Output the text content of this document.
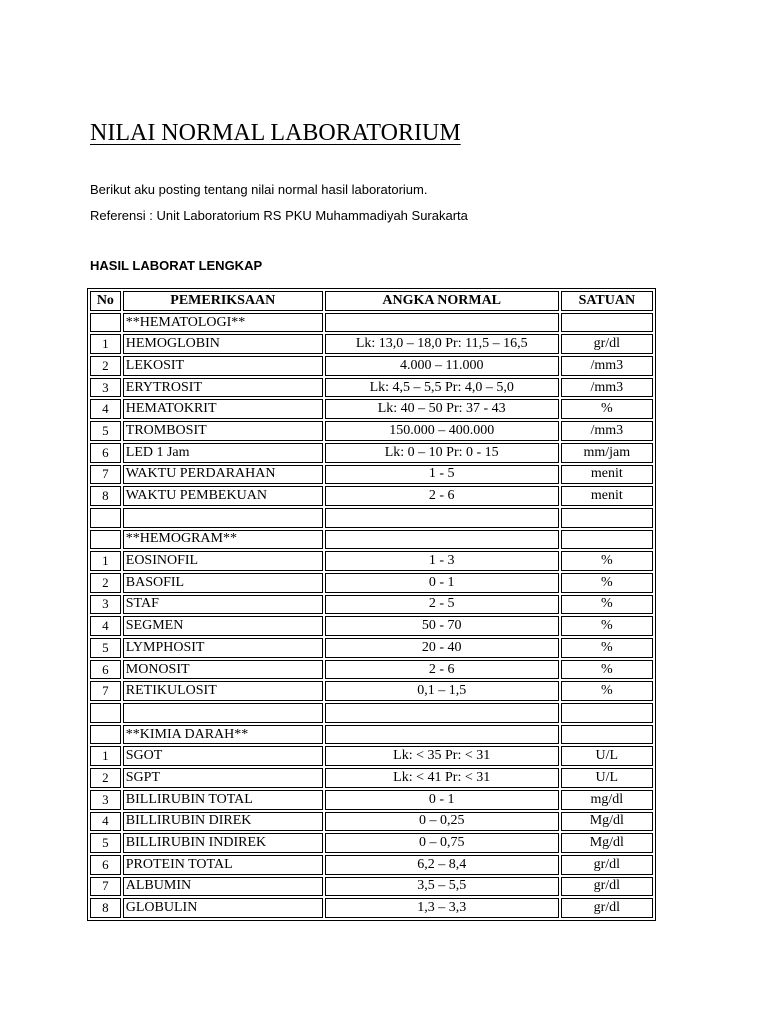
NILAI NORMAL LABORATORIUM
Berikut aku posting tentang nilai normal hasil laboratorium.
Referensi : Unit Laboratorium RS PKU Muhammadiyah Surakarta
HASIL LABORAT LENGKAP
No	PEMERIKSAAN	ANGKA NORMAL	SATUAN
	**HEMATOLOGI**		
1	HEMOGLOBIN	Lk: 13,0 – 18,0 Pr: 11,5 – 16,5	gr/dl
2	LEKOSIT	4.000 – 11.000	/mm3
3	ERYTROSIT	Lk: 4,5 – 5,5 Pr: 4,0 – 5,0	/mm3
4	HEMATOKRIT	Lk: 40 – 50 Pr: 37 - 43	%
5	TROMBOSIT	150.000 – 400.000	/mm3
6	LED 1 Jam	Lk: 0 – 10 Pr: 0 - 15	mm/jam
7	WAKTU PERDARAHAN	1 - 5	menit
8	WAKTU PEMBEKUAN	2 - 6	menit

	**HEMOGRAM**		
1	EOSINOFIL	1 - 3	%
2	BASOFIL	0 - 1	%
3	STAF	2 - 5	%
4	SEGMEN	50 - 70	%
5	LYMPHOSIT	20 - 40	%
6	MONOSIT	2 - 6	%
7	RETIKULOSIT	0,1 – 1,5	%

	**KIMIA DARAH**		
1	SGOT	Lk: < 35 Pr: < 31	U/L
2	SGPT	Lk: < 41 Pr: < 31	U/L
3	BILLIRUBIN TOTAL	0 - 1	mg/dl
4	BILLIRUBIN DIREK	0 – 0,25	Mg/dl
5	BILLIRUBIN INDIREK	0 – 0,75	Mg/dl
6	PROTEIN TOTAL	6,2 – 8,4	gr/dl
7	ALBUMIN	3,5 – 5,5	gr/dl
8	GLOBULIN	1,3 – 3,3	gr/dl
